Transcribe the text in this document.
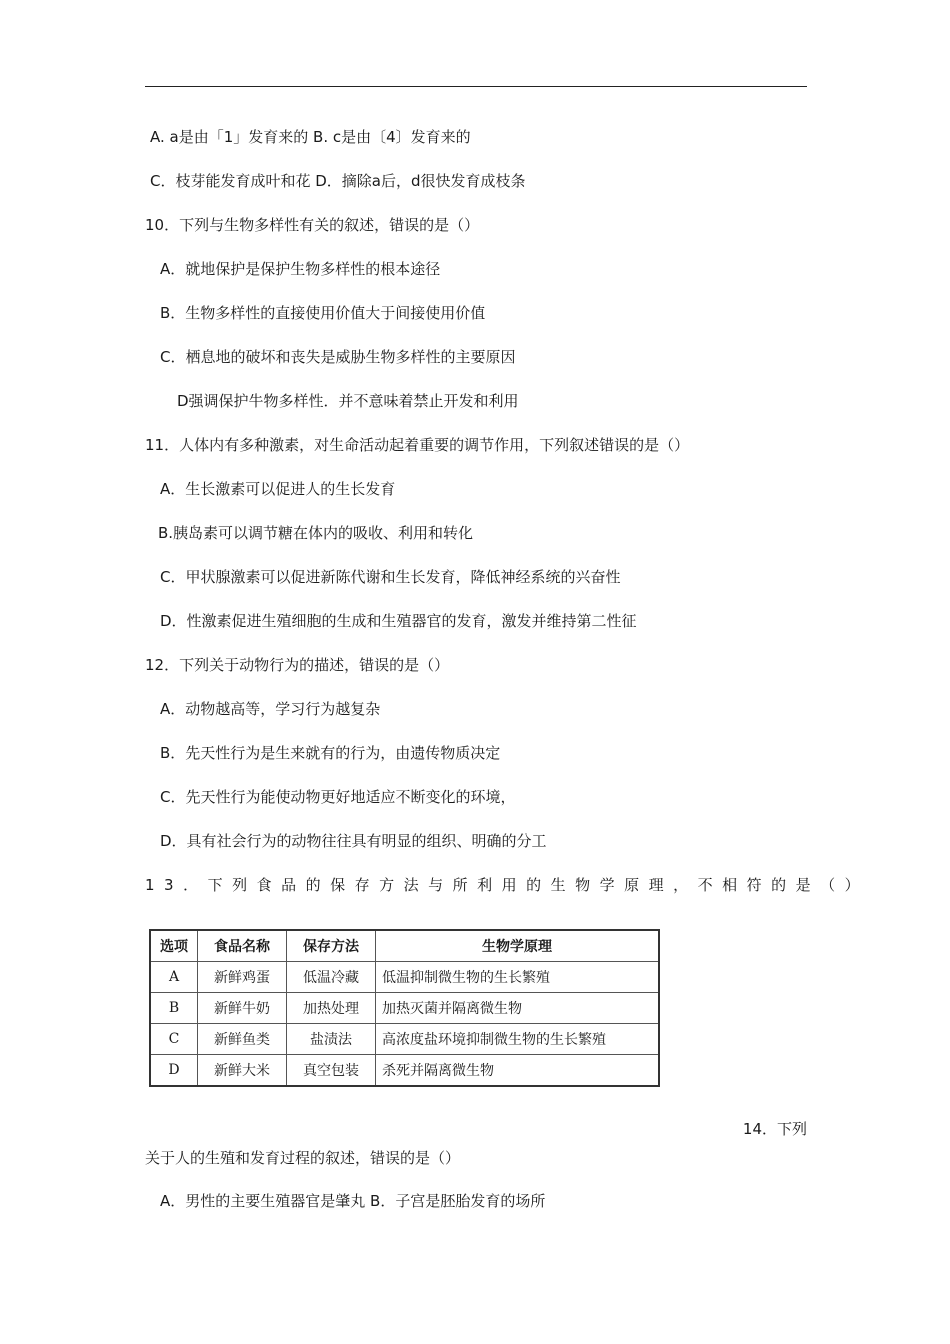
A. a是由「1」发育来的 B. c是由〔4〕发育来的
C．枝芽能发育成叶和花 D．摘除a后，d很快发育成枝条
10．下列与生物多样性有关的叙述，错误的是（）
A．就地保护是保护生物多样性的根本途径
B．生物多样性的直接使用价值大于间接使用价值
C．栖息地的破坏和丧失是威胁生物多样性的主要原因
D强调保护牛物多样性．并不意味着禁止开发和利用
11．人体内有多种激素，对生命活动起着重要的调节作用，下列叙述错误的是（）
A．生长激素可以促进人的生长发育
B.胰岛素可以调节糖在体内的吸收、利用和转化
C．甲状腺激素可以促进新陈代谢和生长发育，降低神经系统的兴奋性
D．性激素促进生殖细胞的生成和生殖器官的发育，激发并维持第二性征
12．下列关于动物行为的描述，错误的是（）
A．动物越高等，学习行为越复杂
B．先天性行为是生来就有的行为，由遗传物质决定
C．先天性行为能使动物更好地适应不断变化的环境，
D．具有社会行为的动物往往具有明显的组织、明确的分工
13．下列食品的保存方法与所利用的生物学原理，不相符的是（）
选项	食品名称	保存方法	生物学原理
A	新鲜鸡蛋	低温冷藏	低温抑制微生物的生长繁殖
B	新鲜牛奶	加热处理	加热灭菌并隔离微生物
C	新鲜鱼类	盐渍法	高浓度盐环境抑制微生物的生长繁殖
D	新鲜大米	真空包装	杀死并隔离微生物
14．下列
关于人的生殖和发育过程的叙述，错误的是（）
A．男性的主要生殖器官是肇丸 B．子宫是胚胎发育的场所
